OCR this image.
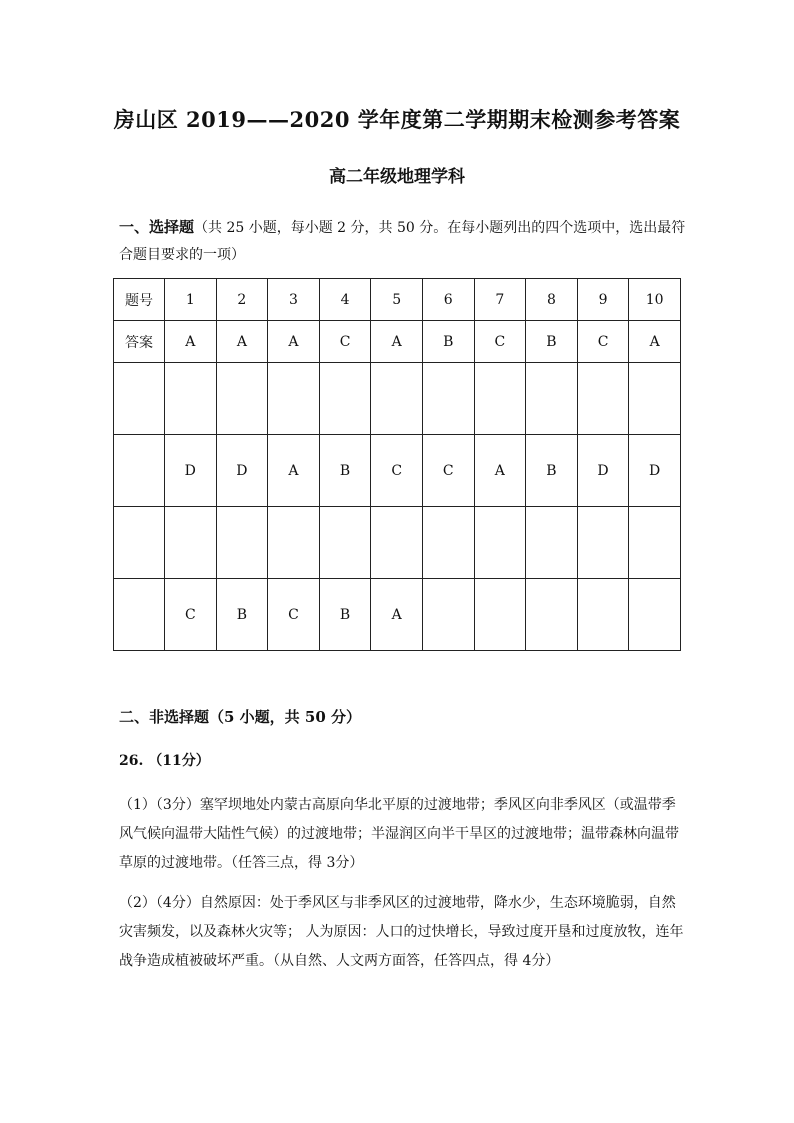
房山区 2019——2020 学年度第二学期期末检测参考答案
高二年级地理学科
一、选择题（共 25 小题，每小题 2 分，共 50 分。在每小题列出的四个选项中，选出最符合题目要求的一项）
题号	1	2	3	4	5	6	7	8	9	10
答案	A	A	A	C	A	B	C	B	C	A

	D	D	A	B	C	C	A	B	D	D

	C	B	C	B	A					
二、非选择题（5 小题，共 50 分）
26. （11分）
（1）（3分）塞罕坝地处内蒙古高原向华北平原的过渡地带；季风区向非季风区（或温带季风气候向温带大陆性气候）的过渡地带；半湿润区向半干旱区的过渡地带；温带森林向温带草原的过渡地带。（任答三点，得 3分）
（2）（4分）自然原因：处于季风区与非季风区的过渡地带，降水少，生态环境脆弱，自然灾害频发，以及森林火灾等； 人为原因：人口的过快增长，导致过度开垦和过度放牧，连年战争造成植被破坏严重。（从自然、人文两方面答，任答四点，得 4分）
